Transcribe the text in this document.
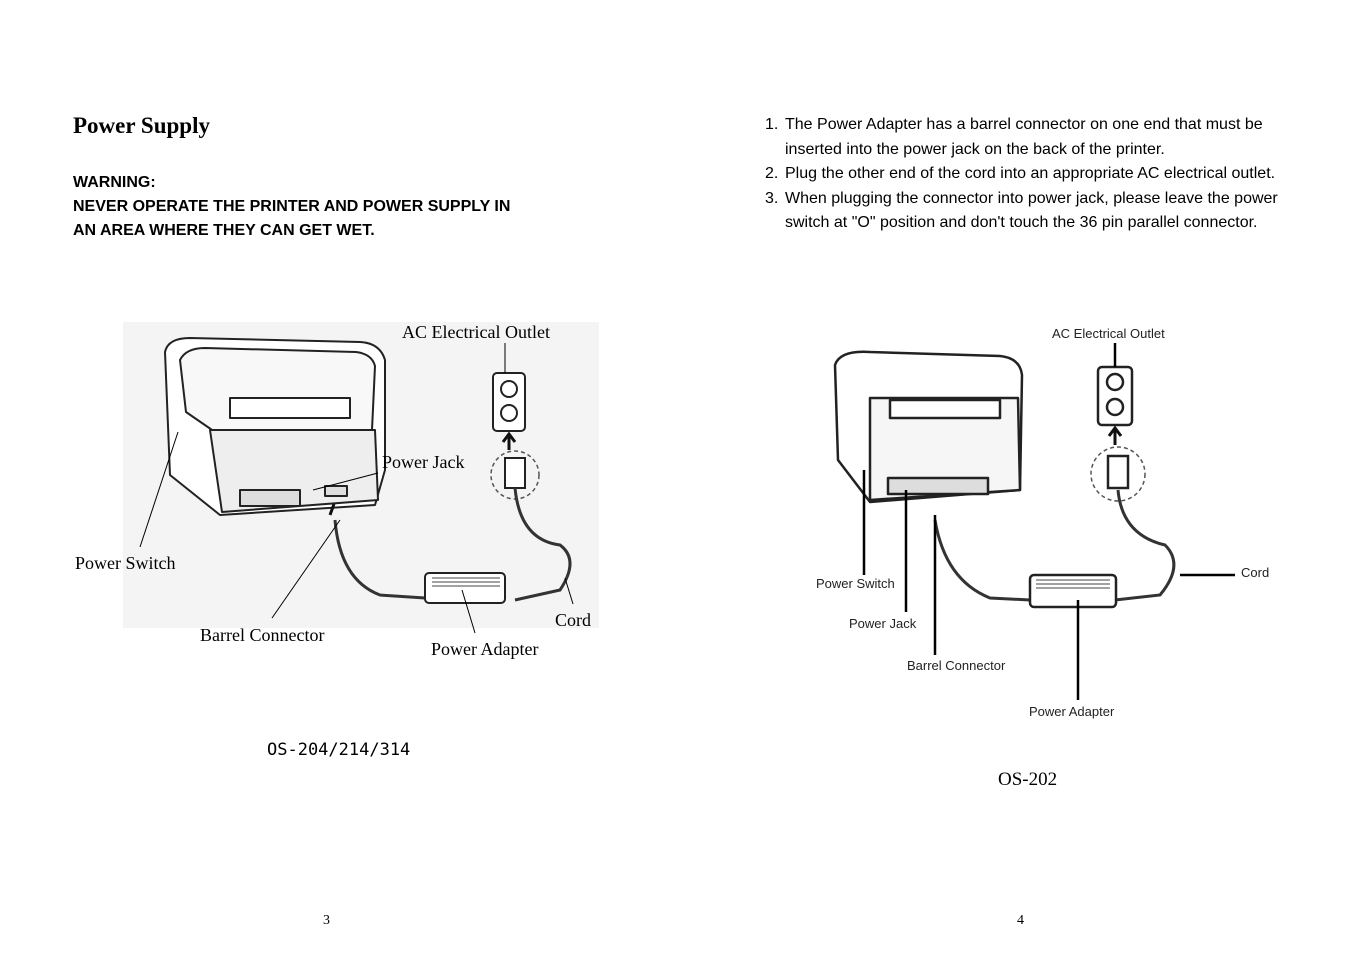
Power Supply
WARNING:
NEVER OPERATE THE PRINTER AND POWER SUPPLY IN
AN AREA WHERE THEY CAN GET WET.
AC Electrical Outlet
Power Jack
Power Switch
Barrel Connector
Cord
Power Adapter
OS-204/214/314
3
1. The Power Adapter has a barrel connector on one end that must be inserted into the power jack on the back of the printer.
2. Plug the other end of the cord into an appropriate AC electrical outlet.
3. When plugging the connector into power jack, please leave the power switch at "O" position and don't touch the 36 pin parallel connector.
AC Electrical Outlet
Power Switch
Power Jack
Barrel Connector
Cord
Power Adapter
OS-202
4
